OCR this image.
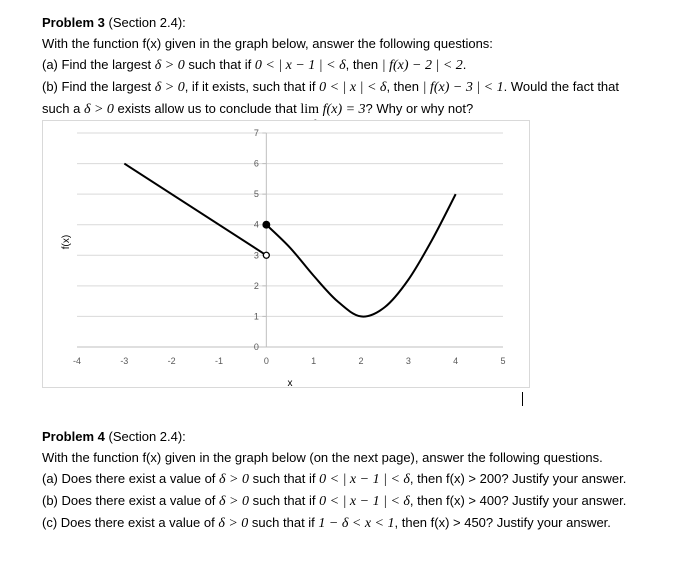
Problem 3 (Section 2.4):
With the function f(x) given in the graph below, answer the following questions:
(a) Find the largest δ > 0 such that if 0 < | x − 1 | < δ, then | f(x) − 2 | < 2.
(b) Find the largest δ > 0, if it exists, such that if 0 < | x | < δ, then | f(x) − 3 | < 1. Would the fact that
such a δ > 0 exists allow us to conclude that lim f(x) = 3? Why or why not?
0
1
2
3
4
5
6
7
-4	-3	-2	-1	0	1	2	3	4	5
x
f(x)
Problem 4 (Section 2.4):
With the function f(x) given in the graph below (on the next page), answer the following questions.
(a) Does there exist a value of δ > 0 such that if 0 < | x − 1 | < δ, then f(x) > 200? Justify your answer.
(b) Does there exist a value of δ > 0 such that if 0 < | x − 1 | < δ, then f(x) > 400? Justify your answer.
(c) Does there exist a value of δ > 0 such that if 1 − δ < x < 1, then f(x) > 450? Justify your answer.
